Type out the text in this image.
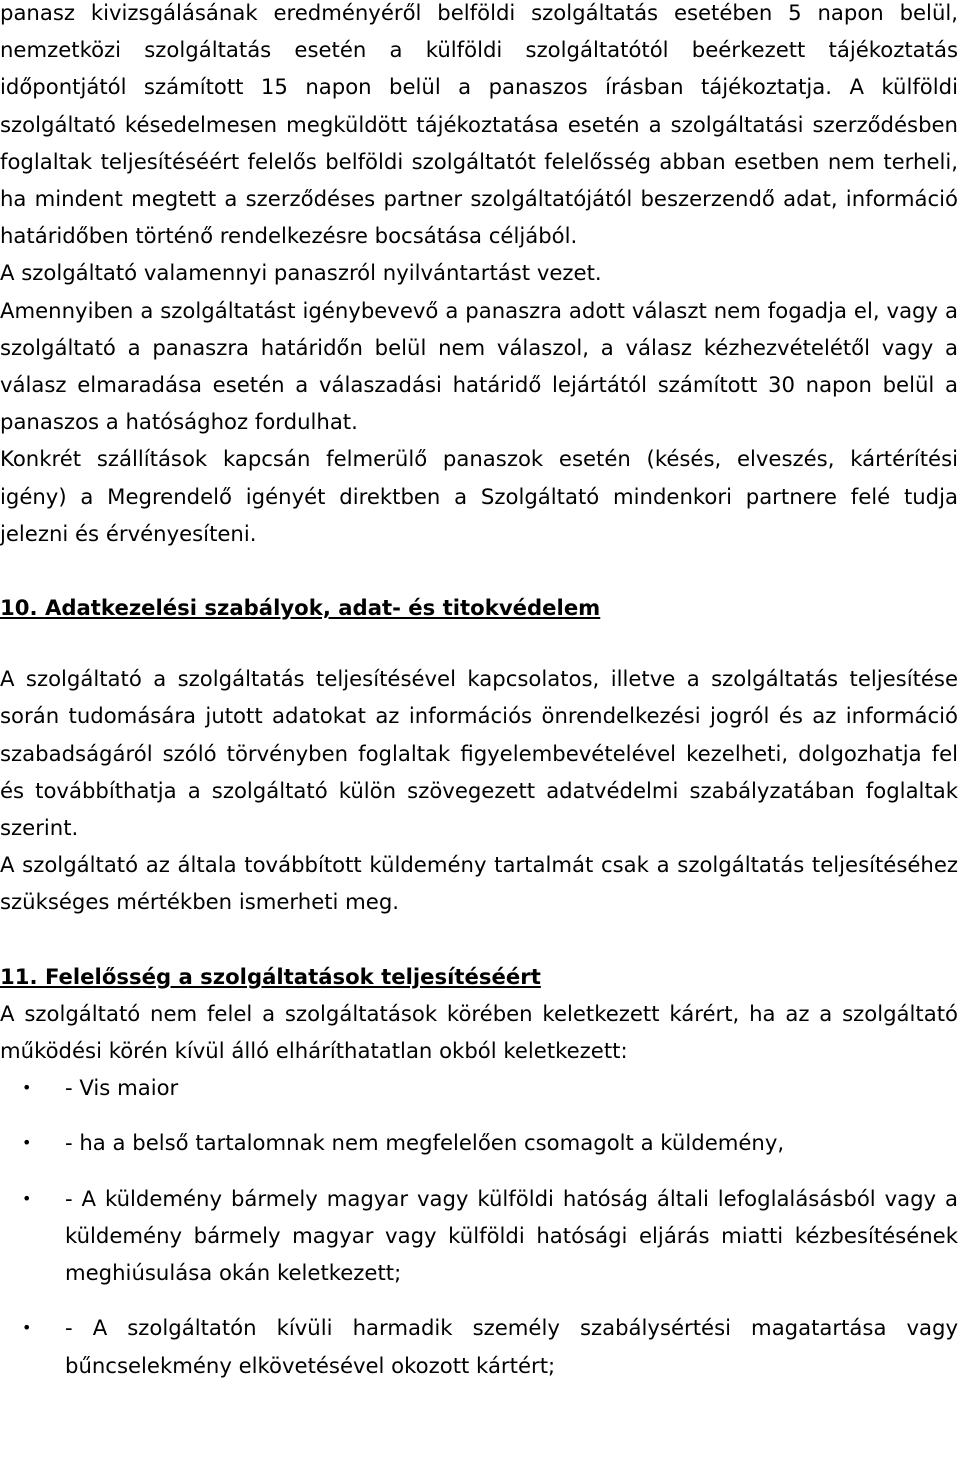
panasz kivizsgálásának eredményéről belföldi szolgáltatás esetében 5 napon belül, nemzetközi szolgáltatás esetén a külföldi szolgáltatótól beérkezett tájékoztatás időpontjától számított 15 napon belül a panaszos írásban tájékoztatja. A külföldi szolgáltató késedelmesen megküldött tájékoztatása esetén a szolgáltatási szerződésben foglaltak teljesítéséért felelős belföldi szolgáltatót felelősség abban esetben nem terheli, ha mindent megtett a szerződéses partner szolgáltatójától beszerzendő adat, információ határidőben történő rendelkezésre bocsátása céljából.

A szolgáltató valamennyi panaszról nyilvántartást vezet.

Amennyiben a szolgáltatást igénybevevő a panaszra adott választ nem fogadja el, vagy a szolgáltató a panaszra határidőn belül nem válaszol, a válasz kézhezvételétől vagy a válasz elmaradása esetén a válaszadási határidő lejártától számított 30 napon belül a panaszos a hatósághoz fordulhat.

Konkrét szállítások kapcsán felmerülő panaszok esetén (késés, elveszés, kártérítési igény) a Megrendelő igényét direktben a Szolgáltató mindenkori partnere felé tudja jelezni és érvényesíteni.

10. Adatkezelési szabályok, adat- és titokvédelem

A szolgáltató a szolgáltatás teljesítésével kapcsolatos, illetve a szolgáltatás teljesítése során tudomására jutott adatokat az információs önrendelkezési jogról és az információ szabadságáról szóló törvényben foglaltak figyelembevételével kezelheti, dolgozhatja fel és továbbíthatja a szolgáltató külön szövegezett adatvédelmi szabályzatában foglaltak szerint.

A szolgáltató az általa továbbított küldemény tartalmát csak a szolgáltatás teljesítéséhez szükséges mértékben ismerheti meg.

11. Felelősség a szolgáltatások teljesítéséért

A szolgáltató nem felel a szolgáltatások körében keletkezett kárért, ha az a szolgáltató működési körén kívül álló elháríthatatlan okból keletkezett:

• - Vis maior
• - ha a belső tartalomnak nem megfelelően csomagolt a küldemény,
• - A küldemény bármely magyar vagy külföldi hatóság általi lefoglalásásból vagy a küldemény bármely magyar vagy külföldi hatósági eljárás miatti kézbesítésének meghiúsulása okán keletkezett;
• - A szolgáltatón kívüli harmadik személy szabálysértési magatartása vagy bűncselekmény elkövetésével okozott kártért;
